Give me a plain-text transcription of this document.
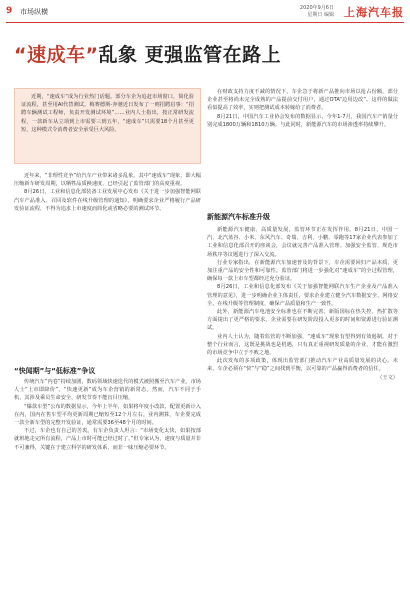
9 市场纵横	2020年9月6日
星期日 编辑 上海汽车报
“速成车”乱象 更强监管在路上

近期，“速成车”成为行业热门话题。部分车企为追赶市场窗口，简化验证流程，甚至用AI代替测试。梅赛德斯-奔驰近日发布了一则招聘启事：“招聘车辆测试工程师，负责开发测试环境”……业内人士指出，按正常研发流程，一款新车从立项到上市需要三到五年，“速成车”只需要18个月甚至更短，这种模式令消费者安全承受巨大风险。

近年来，“非理性竞争”给汽车产业带来诸多乱象。其中“速成车”现象，即大幅压缩新车研发周期，以牺牲品质换速度，已经引起了监管部门的高度重视。

8月26日，工业和信息化部装备工业发展中心发布《关于进一步加强智能网联汽车产品准入、召回及软件在线升级管理的通知》，明确要求企业严格履行产品研发验证流程，不得为追求上市速度而简化或省略必要的测试环节。

“快闻期”与“低标准”争议

传统汽车“内卷”持续加剧，数码领域快速迭代的模式被照搬至汽车产业。市场人士“上市即降价”，“快速更新”成为车企营销的新常态。然而，汽车不同于手机，其涉及乘员生命安全，研发节奏不能盲目压缩。

“爆款车型”公布的数据显示，今年上半年，如果将年度小改款、配置更新计入在内，国内在售车型平均更新周期已缩短至12个月左右。业内测算，车企要完成一款全新车型的完整开发验证，通常需要36至48个月的时间。

不过，车企也有自己的苦衷。有车企负责人坦言：“市场变化太快，如果按部就班地走完所有流程，产品上市时可能已经过时了。”但专家认为，速度与质量并非不可兼得，关键在于建立科学的研发体系，而非一味压缩必要环节。

在财政支持力度不减的情况下，车企急于将新产品推向市场以抢占份额，部分企业甚至将尚未完全成熟的产品提前交付用户，通过OTA“边用边改”。这样的做法看似提高了效率，实则把测试成本转嫁给了消费者。

8月21日，中国汽车工业协会发布的数据显示，今年1-7月，我国汽车产销量分别完成1800万辆和1810万辆。与此同时，新能源汽车的市场渗透率持续攀升。

新能源汽车标准升级

新能源汽车健康、高质量发展，监管环节正在发挥作用。8月21日，中国一汽、北汽蓝谷、小米、东风汽车、奇瑞、吉利、小鹏、零跑等17家企业代表参加了工业和信息化部召开的座谈会，会议就完善产品准入管理、加强安全监管、规范市场秩序等议题进行了深入交流。

行业专家指出，在新能源汽车加速普及的背景下，车企需要回归产品本质，更加注重产品的安全性和可靠性。监管部门将进一步强化对“速成车”的全过程管理，确保每一款上市车型都经过充分验证。

8月26日，工业和信息化部发布《关于加强智能网联汽车生产企业及产品准入管理的意见》，进一步明确企业主体责任，要求企业建立健全汽车数据安全、网络安全、在线升级等管理制度，确保产品质量和生产一致性。

此外，新能源汽车电池安全标准也在不断完善。新版国标在热失控、热扩散等方面提出了更严格的要求，企业需要在研发阶段投入更多的时间和资源进行验证测试。

业内人士认为，随着监管的不断加强，“速成车”现象有望得到有效遏制。对于整个行业而言，这既是挑战也是机遇，只有真正重视研发质量的企业，才能在激烈的市场竞争中立于不败之地。

此次发布的多项政策，体现出监管部门推动汽车产业高质量发展的决心。未来，车企必须在“快”与“稳”之间找到平衡，以可靠的产品赢得消费者的信任。

（王文）
